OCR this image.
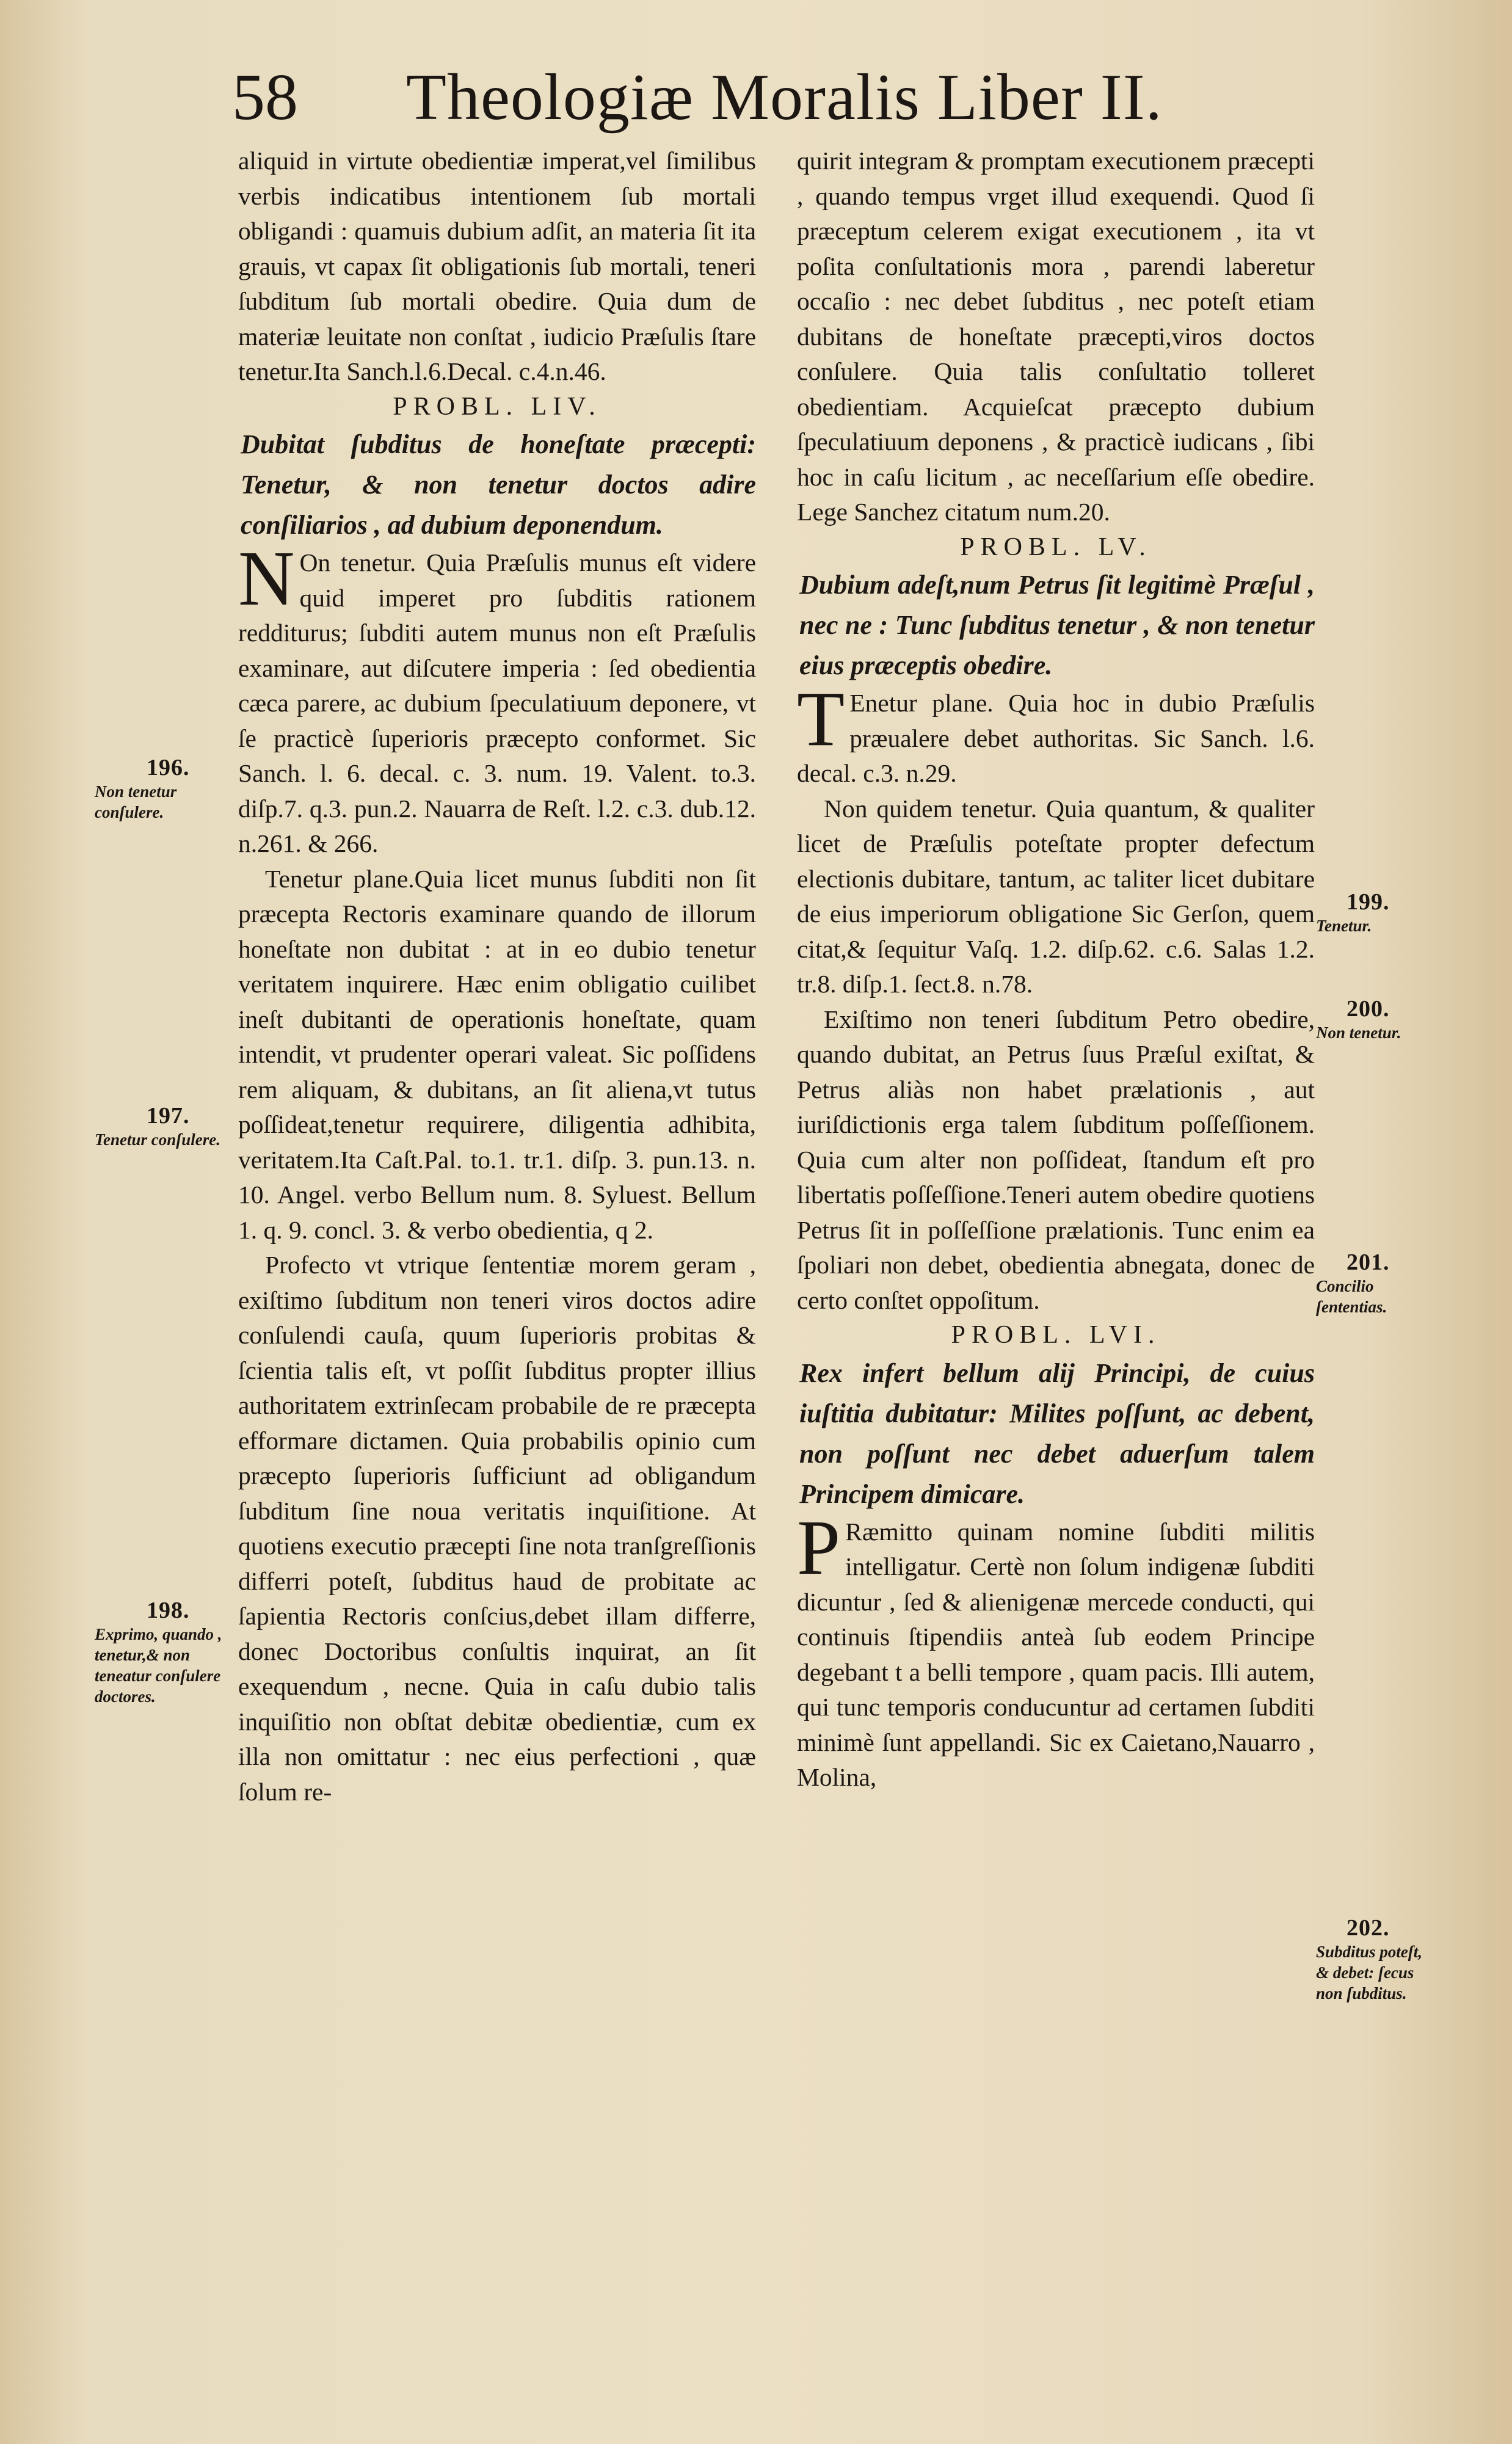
58 Theologiæ Moralis Liber II.

aliquid in virtute obedientiæ imperat,vel ſimilibus verbis indicatibus intentionem ſub mortali obligandi : quamuis dubium adſit, an materia ſit ita grauis, vt capax ſit obligationis ſub mortali, teneri ſubditum ſub mortali obedire. Quia dum de materiæ leuitate non conſtat , iudicio Præſulis ſtare tenetur.Ita Sanch.l.6.Decal. c.4.n.46.

PROBL. LIV.

Dubitat ſubditus de honeſtate præcepti: Tenetur, & non tenetur doctos adire conſiliarios , ad dubium deponendum.

N On tenetur. Quia Præſulis munus eſt videre quid imperet pro ſubditis rationem redditurus; ſubditi autem munus non eſt Præſulis examinare, aut diſcutere imperia : ſed obedientia cæca parere, ac dubium ſpeculatiuum deponere, vt ſe practicè ſuperioris præcepto conformet. Sic Sanch. l. 6. decal. c. 3. num. 19. Valent. to.3. diſp.7. q.3. pun.2. Nauarra de Reſt. l.2. c.3. dub.12. n.261. & 266.

Tenetur plane.Quia licet munus ſubditi non ſit præcepta Rectoris examinare quando de illorum honeſtate non dubitat : at in eo dubio tenetur veritatem inquirere. Hæc enim obligatio cuilibet ineſt dubitanti de operationis honeſtate, quam intendit, vt prudenter operari valeat. Sic poſſidens rem aliquam, & dubitans, an ſit aliena,vt tutus poſſideat,tenetur requirere, diligentia adhibita, veritatem.Ita Caſt.Pal. to.1. tr.1. diſp. 3. pun.13. n. 10. Angel. verbo Bellum num. 8. Syluest. Bellum 1. q. 9. concl. 3. & verbo obedientia, q 2.

Profecto vt vtrique ſententiæ morem geram , exiſtimo ſubditum non teneri viros doctos adire conſulendi cauſa, quum ſuperioris probitas & ſcientia talis eſt, vt poſſit ſubditus propter illius authoritatem extrinſecam probabile de re præcepta efformare dictamen. Quia probabilis opinio cum præcepto ſuperioris ſufficiunt ad obligandum ſubditum ſine noua veritatis inquiſitione. At quotiens executio præcepti ſine nota tranſgreſſionis differri poteſt, ſubditus haud de probitate ac ſapientia Rectoris conſcius,debet illam differre, donec Doctoribus conſultis inquirat, an ſit exequendum , necne. Quia in caſu dubio talis inquiſitio non obſtat debitæ obedientiæ, cum ex illa non omittatur : nec eius perfectioni , quæ ſolum re-

quirit integram & promptam executionem præcepti , quando tempus vrget illud exequendi. Quod ſi præceptum celerem exigat executionem , ita vt poſita conſultationis mora , parendi laberetur occaſio : nec debet ſubditus , nec poteſt etiam dubitans de honeſtate præcepti,viros doctos conſulere. Quia talis conſultatio tolleret obedientiam. Acquieſcat præcepto dubium ſpeculatiuum deponens , & practicè iudicans , ſibi hoc in caſu licitum , ac neceſſarium eſſe obedire. Lege Sanchez citatum num.20.

PROBL. LV.

Dubium adeſt,num Petrus ſit legitimè Præſul , nec ne : Tunc ſubditus tenetur , & non tenetur eius præceptis obedire.

T Enetur plane. Quia hoc in dubio Præſulis præualere debet authoritas. Sic Sanch. l.6. decal. c.3. n.29.

Non quidem tenetur. Quia quantum, & qualiter licet de Præſulis poteſtate propter defectum electionis dubitare, tantum, ac taliter licet dubitare de eius imperiorum obligatione Sic Gerſon, quem citat,& ſequitur Vaſq. 1.2. diſp.62. c.6. Salas 1.2. tr.8. diſp.1. ſect.8. n.78.

Exiſtimo non teneri ſubditum Petro obedire, quando dubitat, an Petrus ſuus Præſul exiſtat, & Petrus aliàs non habet prælationis , aut iuriſdictionis erga talem ſubditum poſſeſſionem. Quia cum alter non poſſideat, ſtandum eſt pro libertatis poſſeſſione.Teneri autem obedire quotiens Petrus ſit in poſſeſſione prælationis. Tunc enim ea ſpoliari non debet, obedientia abnegata, donec de certo conſtet oppoſitum.

PROBL. LVI.

Rex infert bellum alij Principi, de cuius iuſtitia dubitatur: Milites poſſunt, ac debent, non poſſunt nec debet aduerſum talem Principem dimicare.

P Ræmitto quinam nomine ſubditi militis intelligatur. Certè non ſolum indigenæ ſubditi dicuntur , ſed & alienigenæ mercede conducti, qui continuis ſtipendiis anteà ſub eodem Principe degebant t a belli tempore , quam pacis. Illi autem, qui tunc temporis conducuntur ad certamen ſubditi minimè ſunt appellandi. Sic ex Caietano,Nauarro , Molina,

196.
Non tenetur conſulere.
197.
Tenetur conſulere.
198.
Exprimo, quando , tenetur,& non teneatur conſulere doctores.
199.
Tenetur.
200.
Non tenetur.
201.
Concilio ſententias.
202.
Subditus poteſt, & debet: ſecus non ſubditus.
